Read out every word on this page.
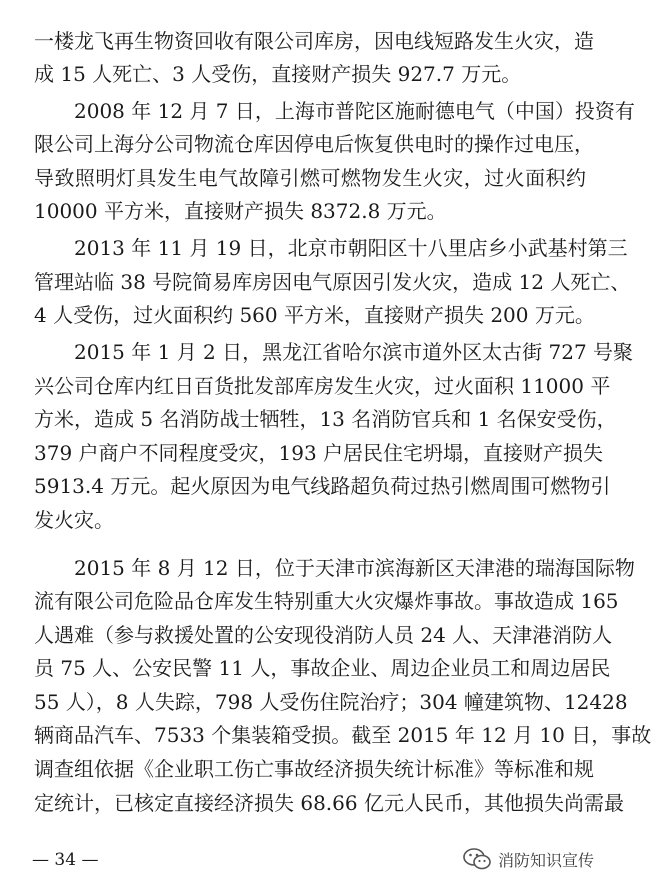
一楼龙飞再生物资回收有限公司库房，因电线短路发生火灾，造
成 15 人死亡、3 人受伤，直接财产损失 927.7 万元。
2008 年 12 月 7 日，上海市普陀区施耐德电气（中国）投资有
限公司上海分公司物流仓库因停电后恢复供电时的操作过电压，
导致照明灯具发生电气故障引燃可燃物发生火灾，过火面积约
10000 平方米，直接财产损失 8372.8 万元。
2013 年 11 月 19 日，北京市朝阳区十八里店乡小武基村第三
管理站临 38 号院简易库房因电气原因引发火灾，造成 12 人死亡、
4 人受伤，过火面积约 560 平方米，直接财产损失 200 万元。
2015 年 1 月 2 日，黑龙江省哈尔滨市道外区太古街 727 号聚
兴公司仓库内红日百货批发部库房发生火灾，过火面积 11000 平
方米，造成 5 名消防战士牺牲，13 名消防官兵和 1 名保安受伤，
379 户商户不同程度受灾，193 户居民住宅坍塌，直接财产损失
5913.4 万元。起火原因为电气线路超负荷过热引燃周围可燃物引
发火灾。
2015 年 8 月 12 日，位于天津市滨海新区天津港的瑞海国际物
流有限公司危险品仓库发生特别重大火灾爆炸事故。事故造成 165
人遇难（参与救援处置的公安现役消防人员 24 人、天津港消防人
员 75 人、公安民警 11 人，事故企业、周边企业员工和周边居民
55 人），8 人失踪，798 人受伤住院治疗；304 幢建筑物、12428
辆商品汽车、7533 个集装箱受损。截至 2015 年 12 月 10 日，事故
调查组依据《企业职工伤亡事故经济损失统计标准》等标准和规
定统计，已核定直接经济损失 68.66 亿元人民币，其他损失尚需最
— 34 —	消防知识宣传
